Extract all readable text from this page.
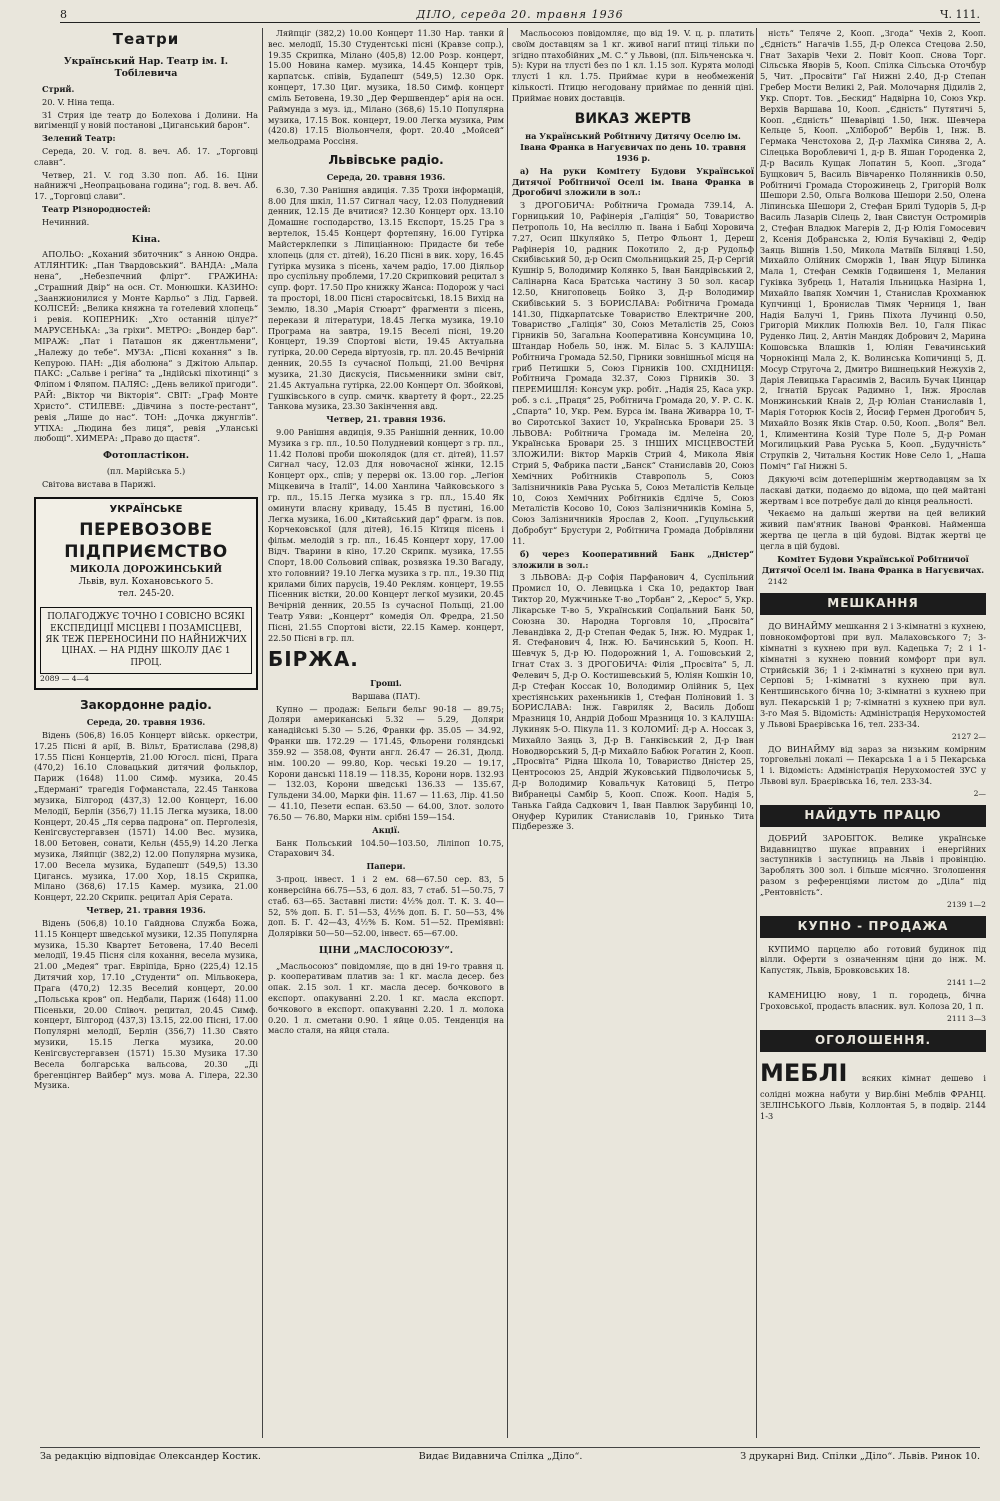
8	ДІЛО, середа 20. травня 1936	Ч. 111.
Театри
Український Нар. Театр ім. І. Тобілевича

Стрий.

20. V. Ніна теща.

З1 Стрия іде театр до Болехова і Долини. На вигіменції у новій постанові „Циганський барон“.

Зелений Театр:

Середа, 20. V. год. 8. веч. Аб. 17. „Торговці славн“.

Четвер, 21. V. год 3.30 поп. Аб. 16. Ціни найнижчі „Неопрацьована година“; год. 8. веч. Аб. 17. „Торговці слави“.

Театр Різнородностей:

Нечинний.

Кіна.

АПОЛЬО: „Коханий збиточник“ з Анною Ондра. АТЛЯНТИК: „Пан Твардовський“. ВАНДА: „Мала нена“, „Небезпечний флірт“. ГРАЖИНА: „Страшний Двір“ на осн. Ст. Монюшки. КАЗИНО: „Заанжионилися у Монте Карльо“ з Лід. Гарвей. КОЛІСЕЙ: „Велика княжна та готелевий хлопець“ і ревія. КОПЕРНИК: „Хто останній цілує?“ МАРУСЕНЬКА: „За гріхи“. МЕТРО: „Вондер бар“. МІРАЖ: „Пат і Паташон як джентльмени“, „Належу до тебе“. МУЗА: „Пісні кохання“ з Ів. Кепурою. ПАН: „Дія аболюна“ з Джітою Альпар. ПАКС: „Сальве і регіна“ та „Індійські піхотинці“ з Фліпом і Фляпом. ПАЛЯС: „День великої пригоди“. РАЙ: „Віктор чи Вікторія“. СВІТ: „Граф Монте Христо“. СТИЛЕВЕ: „Дівчина з посте-рестант“, ревія „Лише до нас“. ТОН: „Дочка джунглів“. УТІХА: „Людина без лиця“, ревія „Уланські любощі“. ХИМЕРА: „Право до щастя“.

Фотопластікон.

(пл. Марійська 5.)

Світова вистава в Парижі.

УКРАЇНСЬКЕ
ПЕРЕВОЗОВЕ ПІДПРИЄМСТВО
МИКОЛА ДОРОЖИНСЬКИЙ
Львів, вул. Кохановського 5.
тел. 245-20.
ПОЛАГОДЖУЄ ТОЧНО І СОВІСНО ВСЯКІ ЕКСПЕДИЦІЇ МІСЦЕВІ І ПОЗАМІСЦЕВІ, ЯК ТЕЖ ПЕРЕНОСИНИ ПО НАЙНИЖЧИХ ЦІНАХ. — НА РІДНУ ШКОЛУ ДАЄ 1 ПРОЦ.
2089 — 4—4
Закордонне радіо.

Середа, 20. травня 1936.

Відень (506,8) 16.05 Концерт військ. оркестри, 17.25 Пісні й арії, В. Вільт, Братислава (298,8) 17.55 Пісні Концертів, 21.00 Югосл. пісні, Прага (470,2) 16.10 Словацький дитячий фольклор, Париж (1648) 11.00 Симф. музика, 20.45 „Едермані“ трагедія Гофманстала, 22.45 Танкова музика, Білгород (437,3) 12.00 Концерт, 16.00 Мелодії, Берлін (356,7) 11.15 Легка музика, 18.00 Концерт, 20.45 „Ля серва падрона“ оп. Перголезія, Кенігсвустергавзен (1571) 14.00 Вес. музика, 18.00 Бетовен, сонати, Кельн (455,9) 14.20 Легка музика, Ляйпціг (382,2) 12.00 Популярна музика, 17.00 Весела музика, Будапешт (549,5) 13.30 Цигансь. музика, 17.00 Хор, 18.15 Скрипка, Мілано (368,6) 17.15 Камер. музика, 21.00 Концерт, 22.20 Скрипк. рецитал Арія Серата.

Четвер, 21. травня 1936.

Відень (506,8) 10.10 Гайднова Служба Божа, 11.15 Концерт шведської музики, 12.35 Популярна музика, 15.30 Квартет Бетовена, 17.40 Веселі мелодії, 19.45 Пісня сіля кохання, весела музика, 21.00 „Медея“ траг. Евріпіда, Брно (225,4) 12.15 Дитячий хор, 17.10 „Студенти“ оп. Мільвокера, Прага (470,2) 12.35 Веселий концерт, 20.00 „Польська кров“ оп. Недбали, Париж (1648) 11.00 Пісеньки, 20.00 Співоч. рецитал, 20.45 Симф. концерт, Білгород (437,3) 13.15, 22.00 Пісні, 17.00 Популярні мелодії, Берлін (356,7) 11.30 Свято музики, 15.15 Легка музика, 20.00 Кенігсвустергавзен (1571) 15.30 Музика 17.30 Весела болгарська вальсова, 20.30 „Ді брегенцінгер Вайбер“ муз. мова А. Гілера, 22.30 Музика.

Ляйпціг (382,2) 10.00 Концерт 11.30 Нар. танки й вес. мелодії, 15.30 Студентські пісні (Кравзе сопр.), 19.35 Скрипка, Мілано (405,8) 12.00 Розр. концерт, 15.00 Новина камер. музика, 14.45 Концерт трів, карпатськ. співів, Будапешт (549,5) 12.30 Орк. концерт, 17.30 Циг. музика, 18.50 Симф. концерт сміль Бетовена, 19.30 „Дер Фершвендер“ арія на осн. Раймунда з муз. ід., Мілано (368,6) 15.10 Популярна музика, 17.15 Вок. концерт, 19.00 Легка музика, Рим (420.8) 17.15 Віольончеля, форт. 20.40 „Мойсей“ мельодрама Россіня.

Львівське радіо.

Середа, 20. травня 1936.

6.30, 7.30 Ранішня авдиція. 7.35 Трохи інформацій, 8.00 Для шкіл, 11.57 Сигнал часу, 12.03 Полудневий денник, 12.15 Де вчитися? 12.30 Концерт орх. 13.10 Домашнє господарство, 13.15 Експорт, 15.25 Гра з вертелок, 15.45 Концерт фортепяну, 16.00 Гутірка Майстерклепки з Ліпиціанною: Придасте би тебе хлопець (для ст. дітей), 16.20 Пісні в вик. хору, 16.45 Гутірка музика з пісень, хачем радіо, 17.00 Діяльор про суспільну проблеми, 17.20 Скрипковий рецитал з супр. форт. 17.50 Про книжку Жанса: Подорож у часі та просторі, 18.00 Пісні старосвітські, 18.15 Вихід на Землю, 18.30 „Марія Стюарт“ фрагменти з пісень, перекази й літератури, 18.45 Легка музика, 19.10 Програма на завтра, 19.15 Веселі пісні, 19.20 Концерт, 19.39 Спортові вісти, 19.45 Актуальна гутірка, 20.00 Середа віртуозів, гр. пл. 20.45 Вечірній денник, 20.55 Із сучасної Польщі, 21.00 Вечірня музика, 21.30 Дискусія, Письменники зміни світ, 21.45 Актуальна гутірка, 22.00 Концерт Ол. Збойкові, Гушківського в супр. смичк. квартету й форт., 22.25 Танкова музика, 23.30 Закінчення авд.

Четвер, 21. травня 1936.

9.00 Ранішня авдиція, 9.35 Ранішній денник, 10.00 Музика з гр. пл., 10.50 Полудневий концерт з гр. пл., 11.42 Полові проби шоколядок (для ст. дітей), 11.57 Сигнал часу, 12.03 Для новочасної жінки, 12.15 Концерт орх., спів; у перерві ок. 13.00 гор. „Легіон Міцкевича в Італії“, 14.00 Ханлина Чайковського з гр. пл., 15.15 Легка музика з гр. пл., 15.40 Як оминути власну криваду, 15.45 В пустині, 16.00 Легка музика, 16.00 „Китайський дар“ фрагм. із пов. Корчековської (для дітей), 16.15 Кітиця пісень і фільм. мелодій з гр. пл., 16.45 Концерт хору, 17.00 Відч. Тварини в кіно, 17.20 Скрипк. музика, 17.55 Спорт, 18.00 Сольовий співак, розвязка 19.30 Вагаду, хто головний? 19.10 Легка музика з гр. пл., 19.30 Під крилами білих парусів, 19.40 Реклям. концерт, 19.55 Пісенник вістки, 20.00 Концерт легкої музики, 20.45 Вечірній денник, 20.55 Із сучасної Польщі, 21.00 Театр Уяви: „Концерт“ комедія Ол. Фредра, 21.50 Пісні, 21.55 Спортові вісти, 22.15 Камер. концерт, 22.50 Пісні в гр. пл.

БІРЖА.

Гроші.

Варшава (ПАТ).

Купно — продаж: Бельги бельг 90-18 — 89.75; Доляри американські 5.32 — 5.29, Доляри канадійські 5.30 — 5.26, Франки фр. 35.05 — 34.92, Франки шв. 172.29 — 171.45, Фльорени голяндські 359.92 — 358.08, Фунти англ. 26.47 — 26.31, Дюлд. нім. 100.20 — 99.80, Кор. чеські 19.20 — 19.17, Корони данські 118.19 — 118.35, Корони норв. 132.93 — 132.03, Корони шведські 136.33 — 135.67, Гульдени 34.00, Марки фін. 11.67 — 11.63, Лір. 41.50 — 41.10, Пезети еспан. 63.50 — 64.00, Злот. золото 76.50 — 76.80, Марки нім. срібні 159—154.

Акції.

Банк Польський 104.50—103.50, Ліліпоп 10.75, Старахович 34.

Папери.

3-проц. інвест. 1 і 2 ем. 68—67.50 сер. 83, 5 конверсійна 66.75—53, 6 дол. 83, 7 стаб. 51—50.75, 7 стаб. 63—65. Заставні листи: 4½% дол. Т. К. З. 40—52, 5% доп. Б. Г. 51—53, 4½% доп. Б. Г. 50—53, 4% доп. Б. Г. 42—43, 4½% Б. Ком. 51—52. Преміявні: Долярівки 50—50—52.00, інвест. 65—67.00.

ЦІНИ „МАСЛОСОЮЗУ“.

„Масльосоюз“ повідомляє, що в дні 19-го травня ц. р. кооперативам платив за: 1 кг. масла десер. без опак. 2.15 зол. 1 кг. масла десер. бочкового в експорт. опакуванні 2.20. 1 кг. масла експорт. бочкового в експорт. опакуванні 2.20. 1 л. молока 0.20. 1 л. сметани 0.90. 1 яйце 0.05. Тенденція на масло сталя, на яйця стала.

Масльосоюз повідомляє, що від 19. V. ц. р. платить своїм доставцям за 1 кг. живої нагиї птиці тільки по згідно птахобійних „М. С.“ у Львові, (пл. Більченська ч. 5): Кури на тлусті без по 1 кл. 1.15 зол. Курята молоді тлусті 1 кл. 1.75. Приймає кури в необмеженій кількості. Птицю негодовану приймає по денній ціні. Приймає нових доставців.

ВИКАЗ ЖЕРТВ

на Український Робітничу Дитячу Оселю ім. Івана Франка в Нагуєвичах по день 10. травня 1936 р.

а) На руки Комітету Будови Української Дитячої Робітничої Оселі ім. Івана Франка в Дрогобичі зложили в зол.:

З ДРОГОБИЧА: Робітнича Громада 739.14, А. Горницький 10, Рафінерія „Галіція“ 50, Товариство Петрополь 10, На весіллю п. Івана і Бабці Хоровича 7.27, Осип Шкуляйко 5, Петро Фльонт 1, Дереш Рафінерія 10, радник Покотило 2, д-р Рудольф Скибівський 50, д-р Осип Смольницький 25, Д-р Сергій Кушнір 5, Володимир Колянко 5, Іван Бандрівський 2, Салінарна Каса Братська частину 3 50 зол. касар 12.50, Книгоповець Бойко 3, Д-р Володимир Скибівський 5. З БОРИСЛАВА: Робітнича Громада 141.30, Підкарпатське Товариство Електричне 200, Товариство „Галіція“ 30, Союз Металістів 25, Союз Гірників 50, Загальна Кооперативна Консумцина 10, Штандар Нобель 50, інж. М. Білас 5. З КАЛУША: Робітнича Громада 52.50, Гірники зовнішньої місця на гриб Петишки 5, Союз Гірників 100. СХІДНИЦЯ: Робітнича Громада 32.37, Союз Гірників 30. З ПЕРЕМИШЛЯ: Консум укр. робіт. „Надія 25, Каса укр. роб. з с.і. „Праця“ 25, Робітнича Громада 20, У. Р. С. К. „Спарта“ 10, Укр. Рем. Бурса ім. Івана Живарра 10, Т-во Сиротської Захист 10, Українська Бровари 25. З ЛЬВОВА: Робітнича Громада ім. Мелеіна 20, Українська Бровари 25. З ІНШИХ МІСЦЕВОСТЕЙ ЗЛОЖИЛИ: Віктор Марків Стрий 4, Микола Явія Стрий 5, Фабрика пасти „Банск“ Станиславів 20, Союз Хемічних Робітників Ставрополь 5, Союз Залізничників Рава Руська 5, Союз Металістів Кельце 10, Союз Хемічних Робітників Єдліче 5, Союз Металістів Косово 10, Союз Залізничників Коміна 5, Союз Залізничників Ярослав 2, Кооп. „Гуцульський Добробут“ Брустури 2, Робітнича Громада Добрівляни 11.

б) через Кооперативний Банк „Дністер“ зложили в зол.:

З ЛЬВОВА: Д-р Софія Парфанович 4, Суспільний Промисл 10, О. Левицька і Ска 10, редактор Іван Тиктор 20, Мужчиньке Т-во „Торбан“ 2, „Керос“ 5, Укр. Лікарське Т-во 5, Український Соціальний Банк 50, Союзна 30. Народна Торговля 10, „Просвіта“ Левандівка 2, Д-р Степан Федак 5, Інж. Ю. Мудрак 1, Я. Стефанович 4, Інж. Ю. Бачинський 5, Кооп. Н. Шевчук 5, Д-р Ю. Подорожний 1, А. Гошовський 2, Ігнат Стах 3. З ДРОГОБИЧА: Філія „Просвіта“ 5, Л. Фелевич 5, Д-р О. Костишевський 5, Юліян Кошкін 10, Д-р Стефан Коссак 10, Володимир Олійник 5, Цех хрестіянських рахеньників 1, Стефан Поліновий 1. З БОРИСЛАВА: Інж. Гавриляк 2, Василь Добош Мразниця 10, Андрій Добош Мразниця 10. З КАЛУША: Лукиняк 5-О. Пікула 11. З КОЛОМИЇ: Д-р А. Носсак 3, Михайло Заяць 3, Д-р В. Ганківський 2, Д-р Іван Новодворський 5, Д-р Михайло Бабюк Рогатин 2, Кооп. „Просвіта“ Рідна Школа 10, Товариство Дністер 25, Центросоюз 25, Андрій Жуковський Підволочиськ 5, Д-р Володимир Ковальчук Катовиці 5, Петро Вибранецьі Самбір 5, Кооп. Спож. Кооп. Надія 5, Танька Гайда Садкович 1, Іван Павлюк Зарубинці 10, Онуфер Курилик Станиславів 10, Гринько Тита Підберезже 3.

ність“ Теляче 2, Кооп. „Згода“ Чехів 2, Кооп. „Єдність“ Нагачів 1.55, Д-р Олекса Стецова 2.50, Гнат Захарів Чехи 2. Повіт Кооп. Снова Торг. Сільська Яворів 5, Кооп. Спілка Сільська Оточбур 5, Чит. „Просвіти“ Гаї Нижні 2.40, Д-р Степан Гребер Мости Великі 2, Рай. Молочарня Дідилів 2, Укр. Спорт. Тов. „Бескид“ Надвірна 10, Союз Укр. Верхів Варшава 10, Кооп. „Єдність“ Путятичі 5, Кооп. „Єдність“ Шеварівці 1.50, Інж. Шевчера Кельце 5, Кооп. „Хлібороб“ Вербів 1, Інж. В. Гермака Ченстохова 2, Д-р Лахміка Синява 2, А. Сілецька Вороблевичі 1, д-р В. Яшан Городенка 2, Д-р Василь Кущак Лопатин 5, Кооп. „Згода“ Бущкович 5, Василь Вівчаренко Полянників 0.50, Робітничі Громада Сторожинець 2, Григорій Волк Шешори 2.50, Ольга Волкова Шешори 2.50, Олена Ліпинська Шешори 2, Стефан Брилі Тудорів 5, Д-р Василь Лазарів Сілець 2, Іван Свистун Остромирів 2, Стефан Владюк Магерів 2, Д-р Юлія Гомосевич 2, Ксенія Добранська 2, Юлія Бучаківці 2, Федір Заяць Вішнів 1.50, Микола Матвіїв Білявці 1.50, Михайло Олійник Сморжів 1, Іван Яцур Білинка Мала 1, Стефан Семків Годвишеня 1, Мелания Гуківка Зубрець 1, Наталія Ільницька Назірна 1, Михайло Івапяк Хомчин 1, Станислав Крохманюк Купчинці 1, Бронислав Тімяк Черниця 1, Іван Надія Балучі 1, Гринь Піхота Лучинці 0.50, Григорій Миклик Полюхів Вел. 10, Галя Пікас Руденко Лиц. 2, Антін Мандяк Добрович 2, Марина Кошовська Влашків 1, Юліян Гевачинський Чорнокінці Мала 2, К. Волинська Копичинці 5, Д. Мосур Стругоча 2, Дмитро Вишнецький Нежухів 2, Дарія Левицька Гарасимів 2, Василь Бучак Цинцар 2, Ігнатій Брусак Радимно 1, Інж. Ярослав Монжинський Кнаів 2, Д-р Юліан Станиславів 1, Марія Готорюк Косів 2, Йосиф Гермен Дрогобич 5, Михайло Возяк Яків Стар. 0.50, Кооп. „Воля“ Вел. 1, Климентина Козій Туре Поле 5, Д-р Роман Могилицький Рава Руська 5, Кооп. „Будучність“ Струпків 2, Читальня Костик Нове Село 1, „Наша Поміч“ Гаї Нижні 5.

Дякуючі всім дотеперішнім жертводавцям за їх ласкаві датки, подаємо до відома, що цей майтані жертвам і все потребує далі до кінця реальності.

Чекаємо на дальші жертви на цей великий живий пам'ятник Іванові Франкові. Найменша жертва це цегла в цій будові. Відтак жертві це цегла в цій будові.

Комітет Будови Української Робітничої Дитячої Оселі ім. Івана Франка в Нагуєвичах.

2142

МЕШКАННЯ

ДО ВИНАЙМУ мешкання 2 і 3-кімнатні з кухнею, повнокомфортові при вул. Малаховського 7; 3-кімнатні з кухнею при вул. Кадецька 7; 2 і 1-кімнатні з кухнею повний комфорт при вул. Стрийській 36; 1 і 2-кімнатні з кухнею при вул. Серпові 5; 1-кімнатні з кухнею при вул. Кентшинського бічна 10; 3-кімнатні з кухнею при вул. Пекарській 1 р; 7-кімнатні з кухнею при вул. 3-го Мая 5. Відомість: Адміністрація Нерухомостей у Львові Браєрівська 16, тел. 233-34.

2127 2—

ДО ВИНАЙМУ від зараз за низьким комірним торговельні локалі — Пекарська 1 а і 5 Пекарська 1 і. Відомість: Адміністрація Нерухомостей ЗУС у Львові вул. Браєрівська 16, тел. 233-34.

2—

НАЙДУТЬ ПРАЦЮ

ДОБРИЙ ЗАРОБІТОК. Велике українське Видавництво шукає вправних і енергійних заступників і заступниць на Львів і провінцію. Зароблять 300 зол. і більше місячно. Зголошення разом з референціями листом до „Діла“ під „Рентовність“.

2139 1—2

КУПНО - ПРОДАЖА

КУПИМО парцелю або готовий будинок під вілли. Оферти з означенням ціни до інж. М. Капустяк, Львів, Бровковських 18.

2141 1—2

КАМЕНИЦЮ нову, 1 п. городець, бічна Гроховської, продасть власник. вул. Колоза 20, 1 п.

2111 3—3

ОГОЛОШЕННЯ.
МЕБЛІ всяких кімнат дешево і солідні можна набути у Вир.біні Меблів ФРАНЦ. ЗЕЛІНСЬКОГО Львів, Коллонтая 5, в подвір. 2144 1-3
За редакцію відповідає Олександер Костик.	Видає Видавнича Спілка „Діло“.	З друкарні Вид. Спілки „Діло“. Львів. Ринок 10.
